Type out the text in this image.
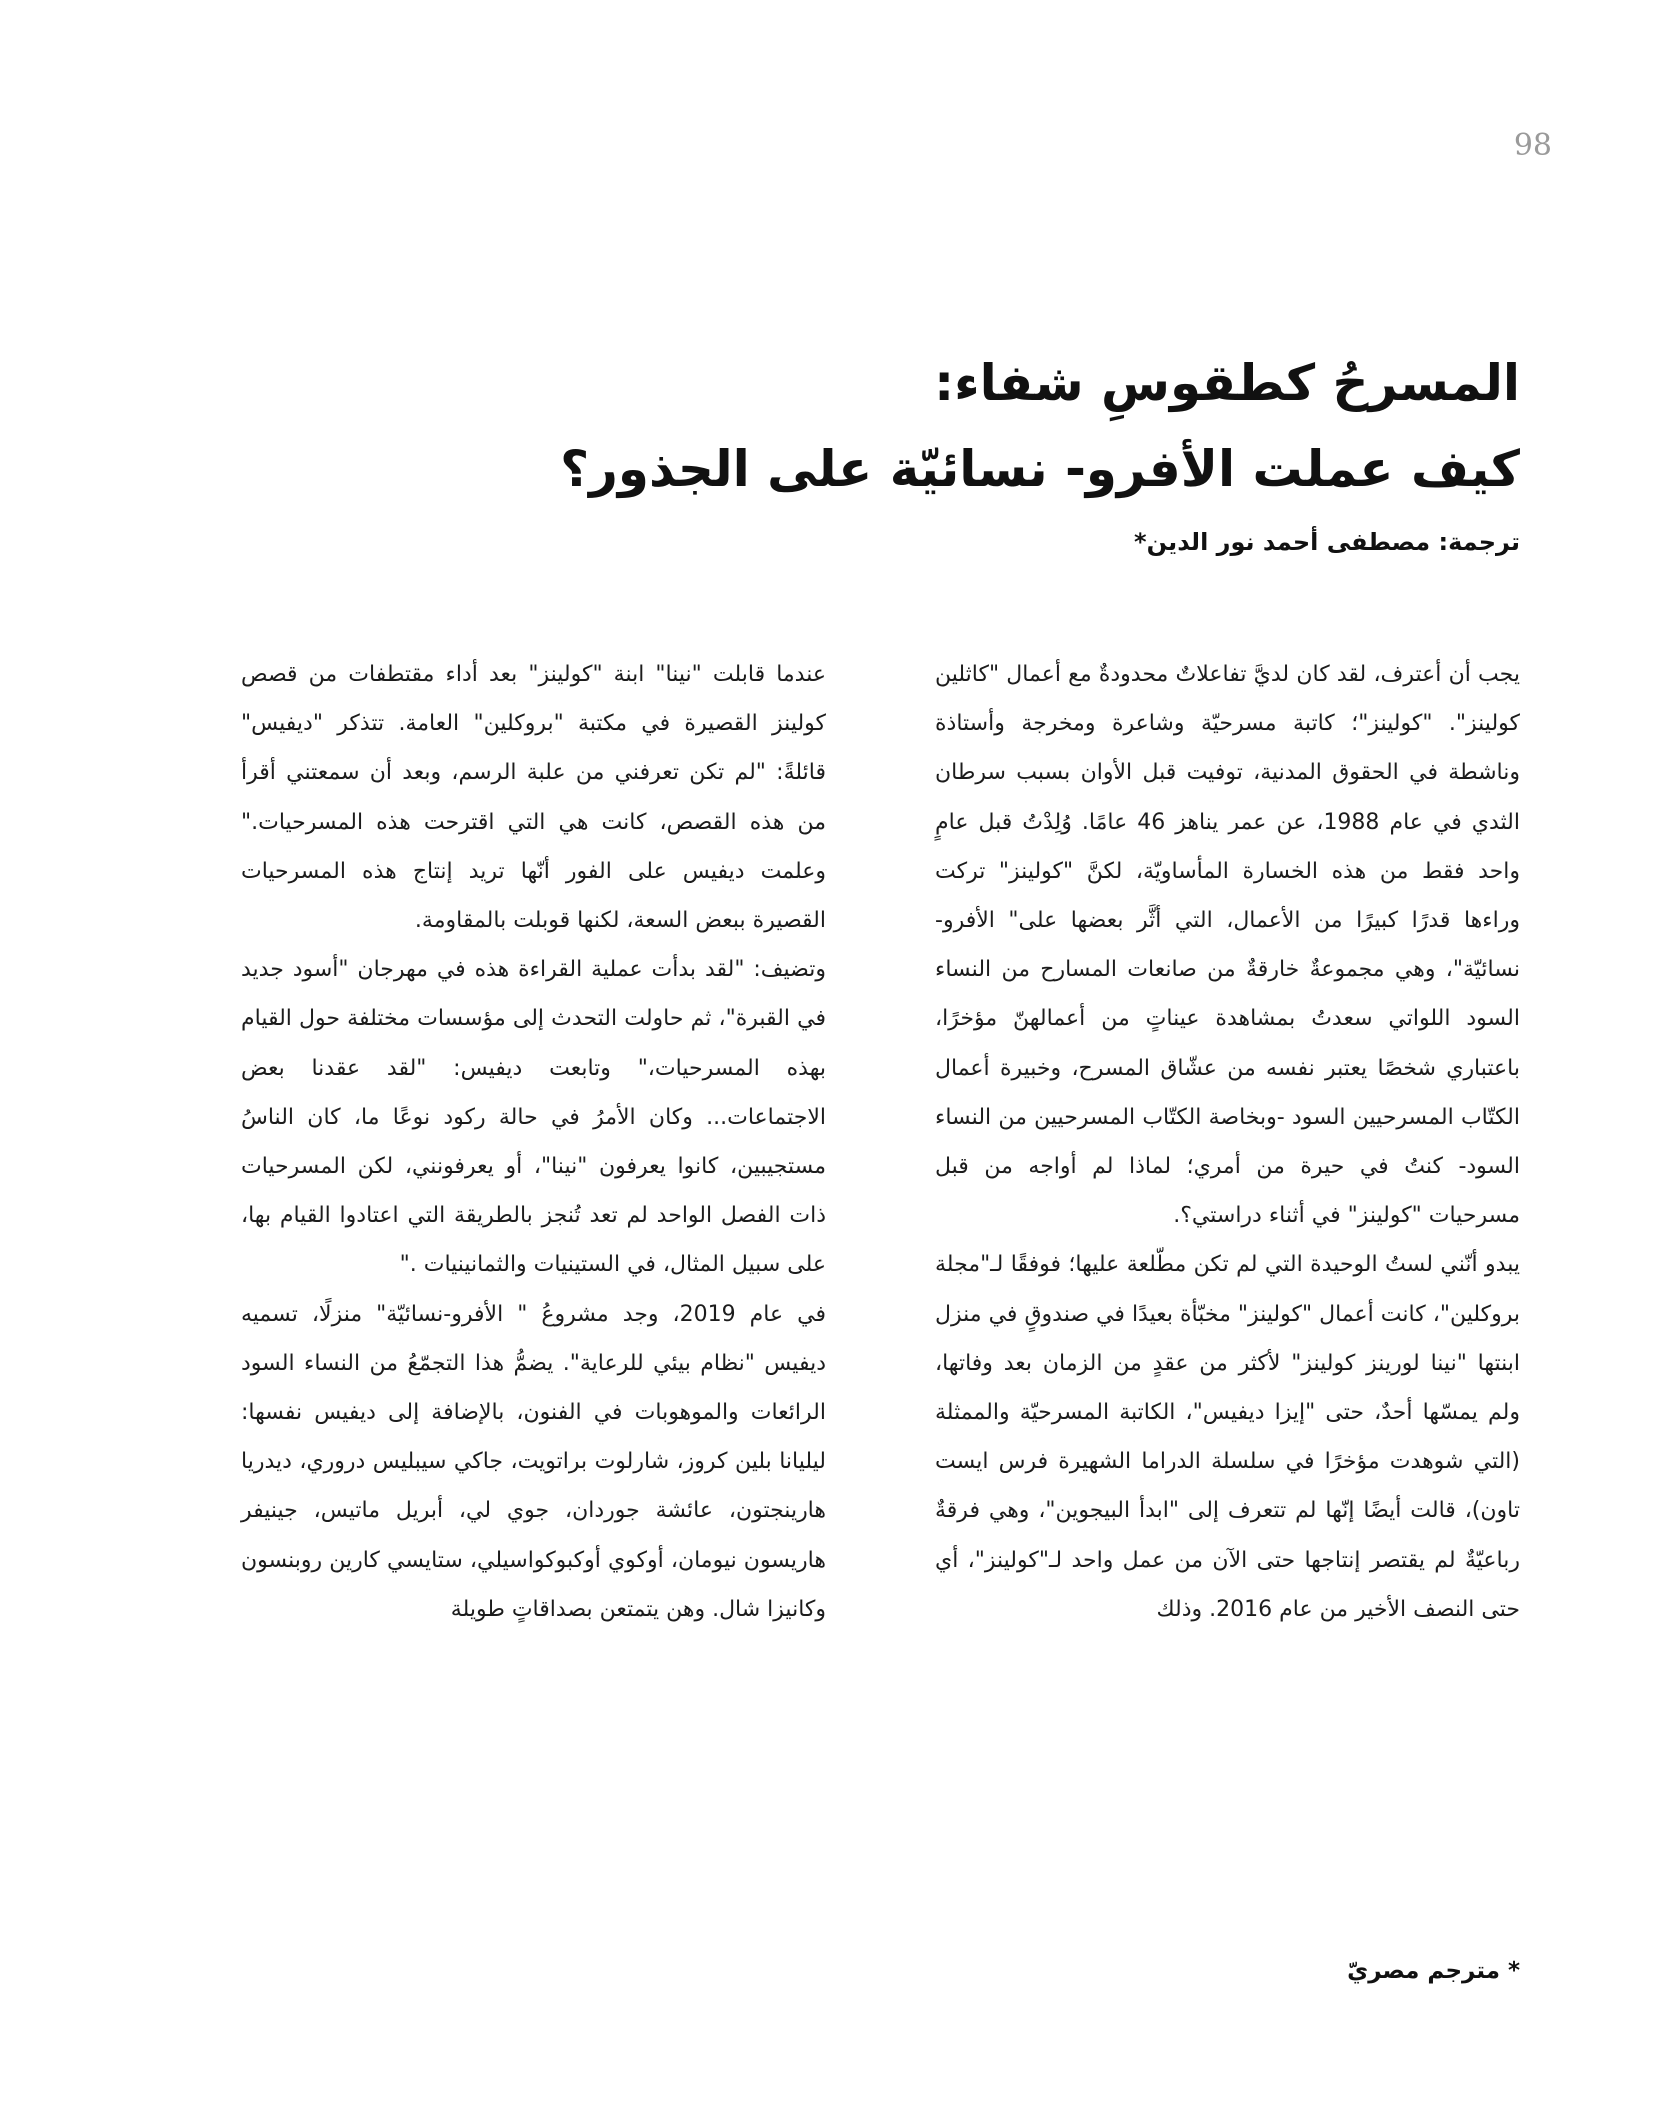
98
المسرحُ كطقوسِ شفاء:
كيف عملت الأفرو- نسائيّة على الجذور؟
ترجمة: مصطفى أحمد نور الدين*

يجب أن أعترف، لقد كان لديَّ تفاعلاتٌ محدودةٌ مع أعمال "كاثلين كولينز". "كولينز"؛ كاتبة مسرحيّة وشاعرة ومخرجة وأستاذة وناشطة في الحقوق المدنية، توفيت قبل الأوان بسبب سرطان الثدي في عام 1988، عن عمر يناهز 46 عامًا. وُلِدْتُ قبل عامٍ واحد فقط من هذه الخسارة المأساويّة، لكنَّ "كولينز" تركت وراءها قدرًا كبيرًا من الأعمال، التي أثَّر بعضها على" الأفرو-نسائيّة"، وهي مجموعةٌ خارقةٌ من صانعات المسارح من النساء السود اللواتي سعدتُ بمشاهدة عيناتٍ من أعمالهنّ مؤخرًا، باعتباري شخصًا يعتبر نفسه من عشّاق المسرح، وخبيرة أعمال الكتّاب المسرحيين السود -وبخاصة الكتّاب المسرحيين من النساء السود- كنتُ في حيرة من أمري؛ لماذا لم أواجه من قبل مسرحيات "كولينز" في أثناء دراستي؟.

يبدو أنّني لستُ الوحيدة التي لم تكن مطّلعة عليها؛ فوفقًا لـ"مجلة بروكلين"، كانت أعمال "كولينز" مخبّأة بعيدًا في صندوقٍ في منزل ابنتها "نينا لورينز كولينز" لأكثر من عقدٍ من الزمان بعد وفاتها، ولم يمسّها أحدٌ، حتى "إيزا ديفيس"، الكاتبة المسرحيّة والممثلة (التي شوهدت مؤخرًا في سلسلة الدراما الشهيرة فرس ايست تاون)، قالت أيضًا إنّها لم تتعرف إلى "ابدأ البيجوين"، وهي فرقةٌ رباعيّةٌ لم يقتصر إنتاجها حتى الآن من عمل واحد لـ"كولينز"، أي حتى النصف الأخير من عام 2016. وذلك

عندما قابلت "نينا" ابنة "كولينز" بعد أداء مقتطفات من قصص كولينز القصيرة في مكتبة "بروكلين" العامة. تتذكر "ديفيس" قائلةً: "لم تكن تعرفني من علبة الرسم، وبعد أن سمعتني أقرأ من هذه القصص، كانت هي التي اقترحت هذه المسرحيات." وعلمت ديفيس على الفور أنّها تريد إنتاج هذه المسرحيات القصيرة ببعض السعة، لكنها قوبلت بالمقاومة.

وتضيف: "لقد بدأت عملية القراءة هذه في مهرجان "أسود جديد في القبرة"، ثم حاولت التحدث إلى مؤسسات مختلفة حول القيام بهذه المسرحيات،" وتابعت ديفيس: "لقد عقدنا بعض الاجتماعات... وكان الأمرُ في حالة ركود نوعًا ما، كان الناسُ مستجيبين، كانوا يعرفون "نينا"، أو يعرفونني، لكن المسرحيات ذات الفصل الواحد لم تعد تُنجز بالطريقة التي اعتادوا القيام بها، على سبيل المثال، في الستينيات والثمانينيات ."

في عام 2019، وجد مشروعُ " الأفرو-نسائيّة" منزلًا، تسميه ديفيس "نظام بيئي للرعاية". يضمُّ هذا التجمّعُ من النساء السود الرائعات والموهوبات في الفنون، بالإضافة إلى ديفيس نفسها: ليليانا بلين كروز، شارلوت براتويت، جاكي سيبليس دروري، ديدريا هارينجتون، عائشة جوردان، جوي لي، أبريل ماتيس، جينيفر هاريسون نيومان، أوكوي أوكبوكواسيلي، ستايسي كارين روبنسون وكانيزا شال. وهن يتمتعن بصداقاتٍ طويلة

* مترجم مصريّ
